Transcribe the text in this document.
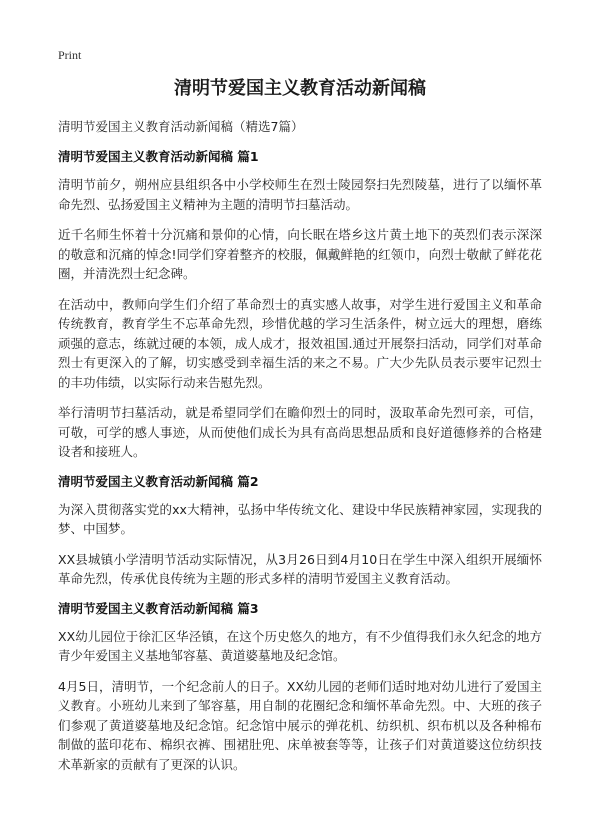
Print
清明节爱国主义教育活动新闻稿

清明节爱国主义教育活动新闻稿（精选7篇）

清明节爱国主义教育活动新闻稿 篇1

清明节前夕，朔州应县组织各中小学校师生在烈士陵园祭扫先烈陵墓，进行了以缅怀革命先烈、弘扬爱国主义精神为主题的清明节扫墓活动。

近千名师生怀着十分沉痛和景仰的心情，向长眠在塔乡这片黄土地下的英烈们表示深深的敬意和沉痛的悼念!同学们穿着整齐的校服，佩戴鲜艳的红领巾，向烈士敬献了鲜花花圈，并清洗烈士纪念碑。

在活动中，教师向学生们介绍了革命烈士的真实感人故事，对学生进行爱国主义和革命传统教育，教育学生不忘革命先烈，珍惜优越的学习生活条件，树立远大的理想，磨练顽强的意志，练就过硬的本领，成人成才，报效祖国.通过开展祭扫活动，同学们对革命烈士有更深入的了解，切实感受到幸福生活的来之不易。广大少先队员表示要牢记烈士的丰功伟绩，以实际行动来告慰先烈。

举行清明节扫墓活动，就是希望同学们在瞻仰烈士的同时，汲取革命先烈可亲，可信，可敬，可学的感人事迹，从而使他们成长为具有高尚思想品质和良好道德修养的合格建设者和接班人。

清明节爱国主义教育活动新闻稿 篇2

为深入贯彻落实党的xx大精神，弘扬中华传统文化、建设中华民族精神家园，实现我的梦、中国梦。

XX县城镇小学清明节活动实际情况，从3月26日到4月10日在学生中深入组织开展缅怀革命先烈，传承优良传统为主题的形式多样的清明节爱国主义教育活动。

清明节爱国主义教育活动新闻稿 篇3

XX幼儿园位于徐汇区华泾镇，在这个历史悠久的地方，有不少值得我们永久纪念的地方青少年爱国主义基地邹容墓、黄道婆墓地及纪念馆。

4月5日，清明节，一个纪念前人的日子。XX幼儿园的老师们适时地对幼儿进行了爱国主义教育。小班幼儿来到了邹容墓，用自制的花圈纪念和缅怀革命先烈。中、大班的孩子们参观了黄道婆墓地及纪念馆。纪念馆中展示的弹花机、纺织机、织布机以及各种棉布制做的蓝印花布、棉织衣裤、围裙肚兜、床单被套等等，让孩子们对黄道婆这位纺织技术革新家的贡献有了更深的认识。
